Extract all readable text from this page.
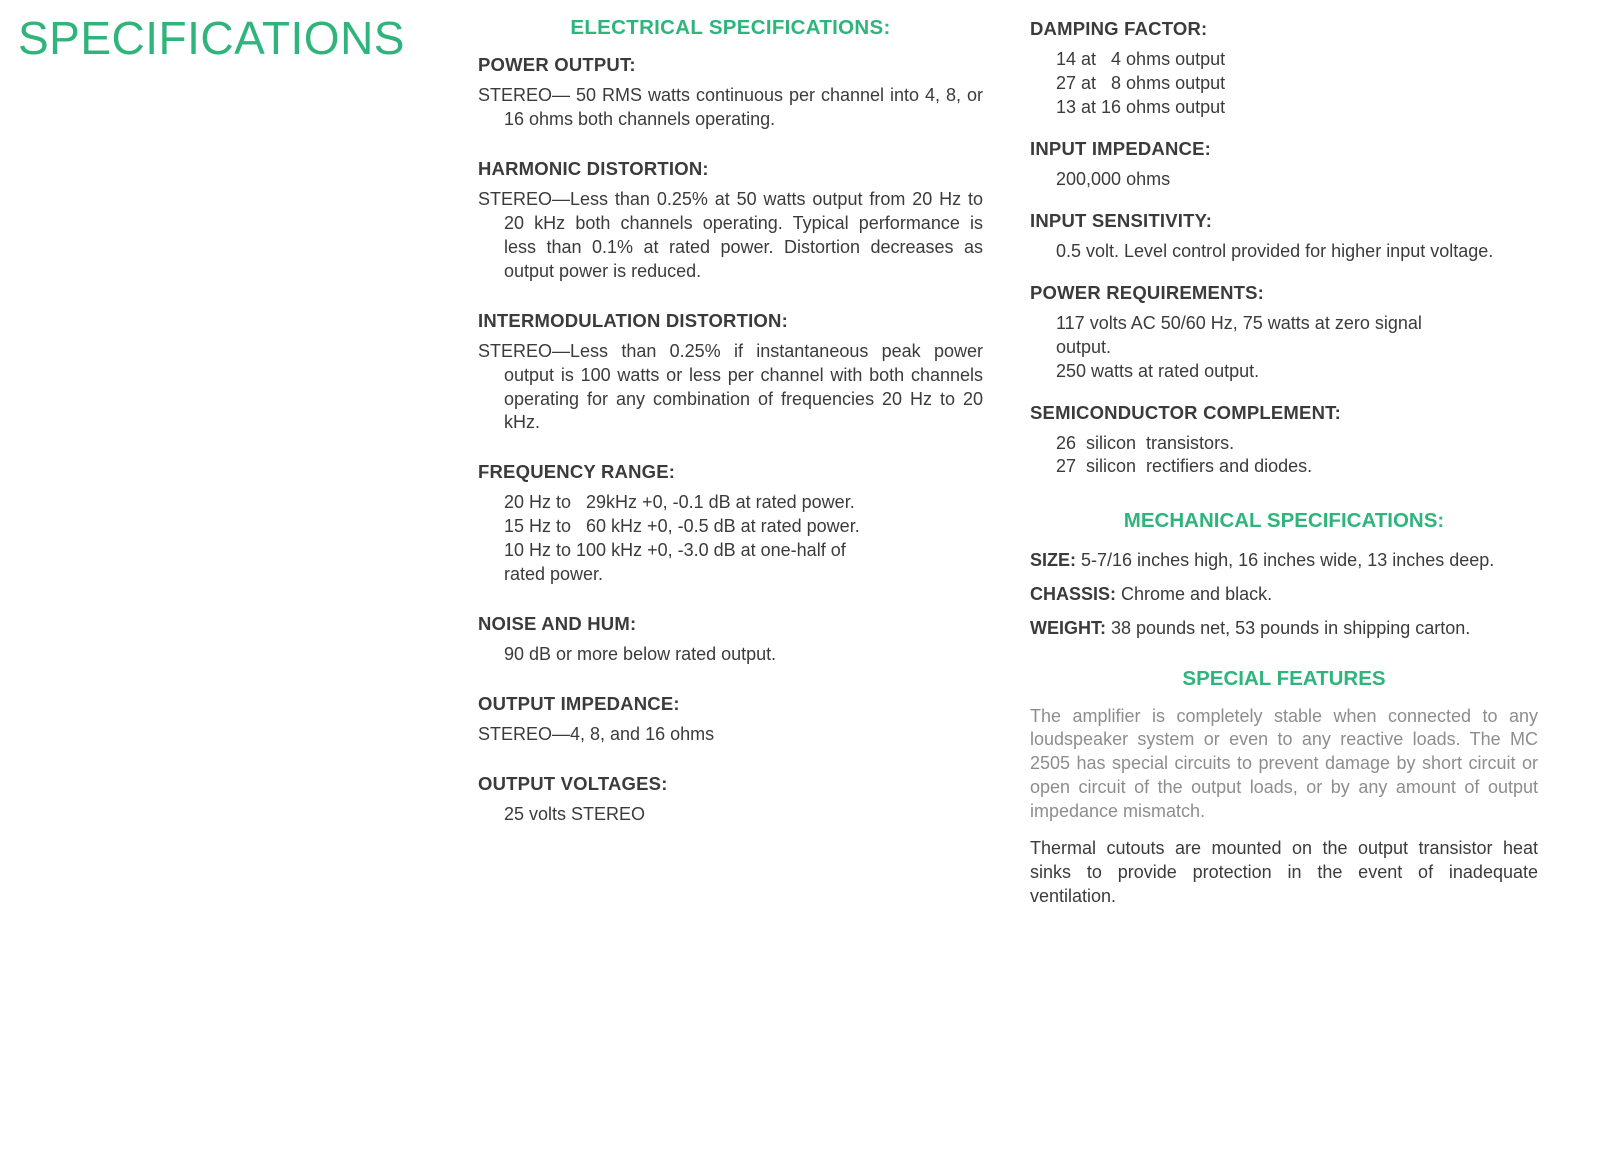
SPECIFICATIONS	ELECTRICAL SPECIFICATIONS:
POWER OUTPUT:
STEREO— 50 RMS watts continuous per channel into 4, 8, or 16 ohms both channels operating.
HARMONIC DISTORTION:
STEREO—Less than 0.25% at 50 watts output from 20 Hz to 20 kHz both channels operating. Typical performance is less than 0.1% at rated power. Distortion decreases as output power is reduced.
INTERMODULATION DISTORTION:
STEREO—Less than 0.25% if instantaneous peak power output is 100 watts or less per channel with both channels operating for any combination of frequencies 20 Hz to 20 kHz.
FREQUENCY RANGE:
20 Hz to   29kHz +0, -0.1 dB at rated power.
15 Hz to   60 kHz +0, -0.5 dB at rated power.
10 Hz to 100 kHz +0, -3.0 dB at one-half of
rated power.
NOISE AND HUM:
90 dB or more below rated output.
OUTPUT IMPEDANCE:
STEREO—4, 8, and 16 ohms
OUTPUT VOLTAGES:
25 volts STEREO
DAMPING FACTOR:
14 at   4 ohms output
27 at   8 ohms output
13 at 16 ohms output
INPUT IMPEDANCE:
200,000 ohms
INPUT SENSITIVITY:
0.5 volt. Level control provided for higher input voltage.
POWER REQUIREMENTS:
117 volts AC 50/60 Hz, 75 watts at zero signal
output.
250 watts at rated output.
SEMICONDUCTOR COMPLEMENT:
26  silicon  transistors.
27  silicon  rectifiers and diodes.
MECHANICAL SPECIFICATIONS:
SIZE: 5-7/16 inches high, 16 inches wide, 13 inches deep.
CHASSIS: Chrome and black.
WEIGHT: 38 pounds net, 53 pounds in shipping carton.
SPECIAL FEATURES
The amplifier is completely stable when connected to any loudspeaker system or even to any reactive loads. The MC 2505 has special circuits to prevent damage by short circuit or open circuit of the output loads, or by any amount of output impedance mismatch.
Thermal cutouts are mounted on the output transistor heat sinks to provide protection in the event of inadequate ventilation.
